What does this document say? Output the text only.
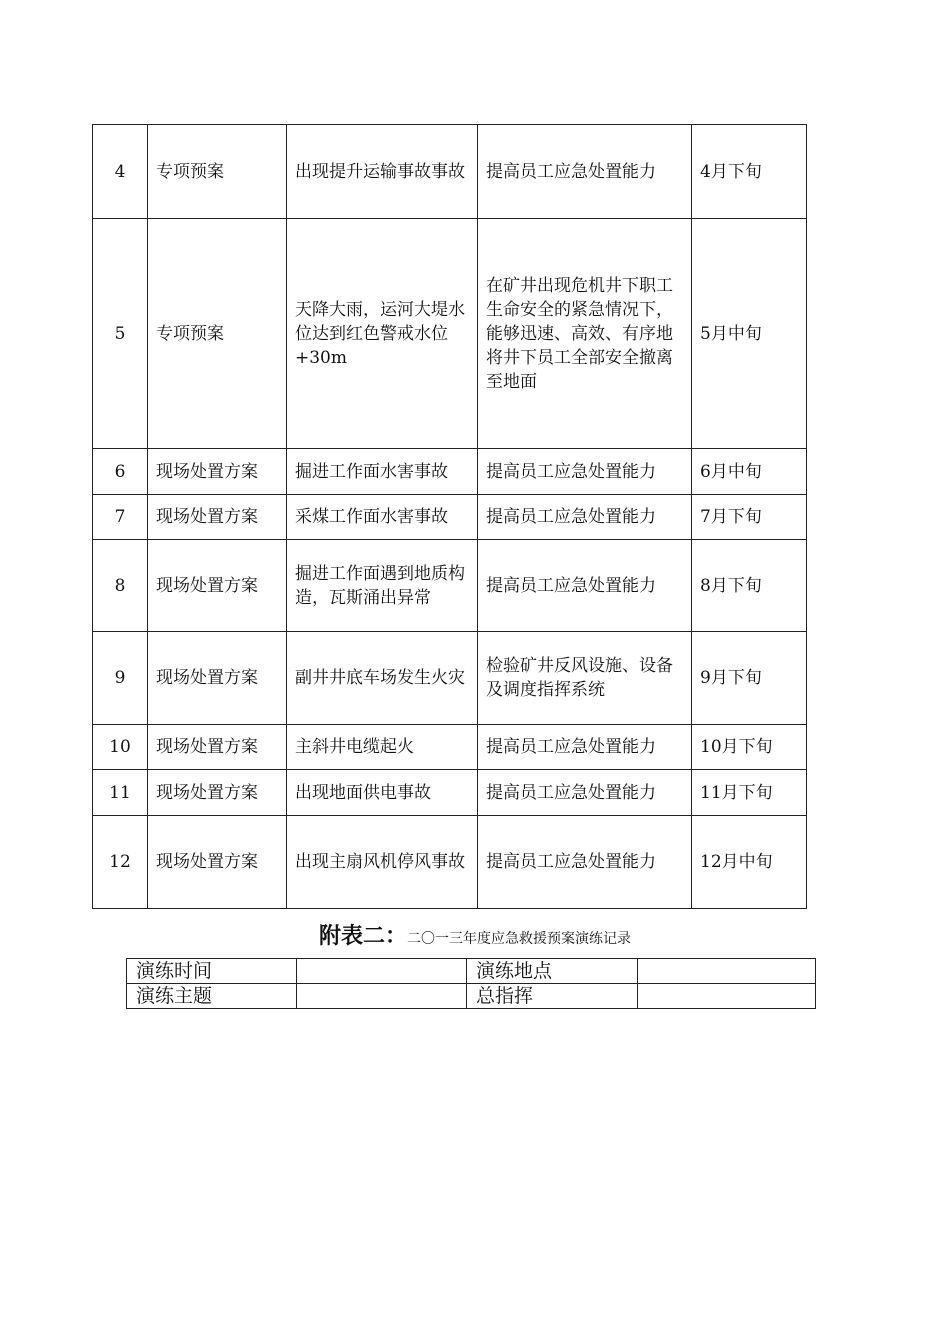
4	专项预案	出现提升运输事故事故	提高员工应急处置能力	4月下旬
5	专项预案	天降大雨，运河大堤水位达到红色警戒水位+30m	在矿井出现危机井下职工生命安全的紧急情况下，能够迅速、高效、有序地将井下员工全部安全撤离至地面	5月中旬
6	现场处置方案	掘进工作面水害事故	提高员工应急处置能力	6月中旬
7	现场处置方案	采煤工作面水害事故	提高员工应急处置能力	7月下旬
8	现场处置方案	掘进工作面遇到地质构造，瓦斯涌出异常	提高员工应急处置能力	8月下旬
9	现场处置方案	副井井底车场发生火灾	检验矿井反风设施、设备及调度指挥系统	9月下旬
10	现场处置方案	主斜井电缆起火	提高员工应急处置能力	10月下旬
11	现场处置方案	出现地面供电事故	提高员工应急处置能力	11月下旬
12	现场处置方案	出现主扇风机停风事故	提高员工应急处置能力	12月中旬
附表二：二〇一三年度应急救援预案演练记录
演练时间		演练地点	
演练主题		总指挥	
